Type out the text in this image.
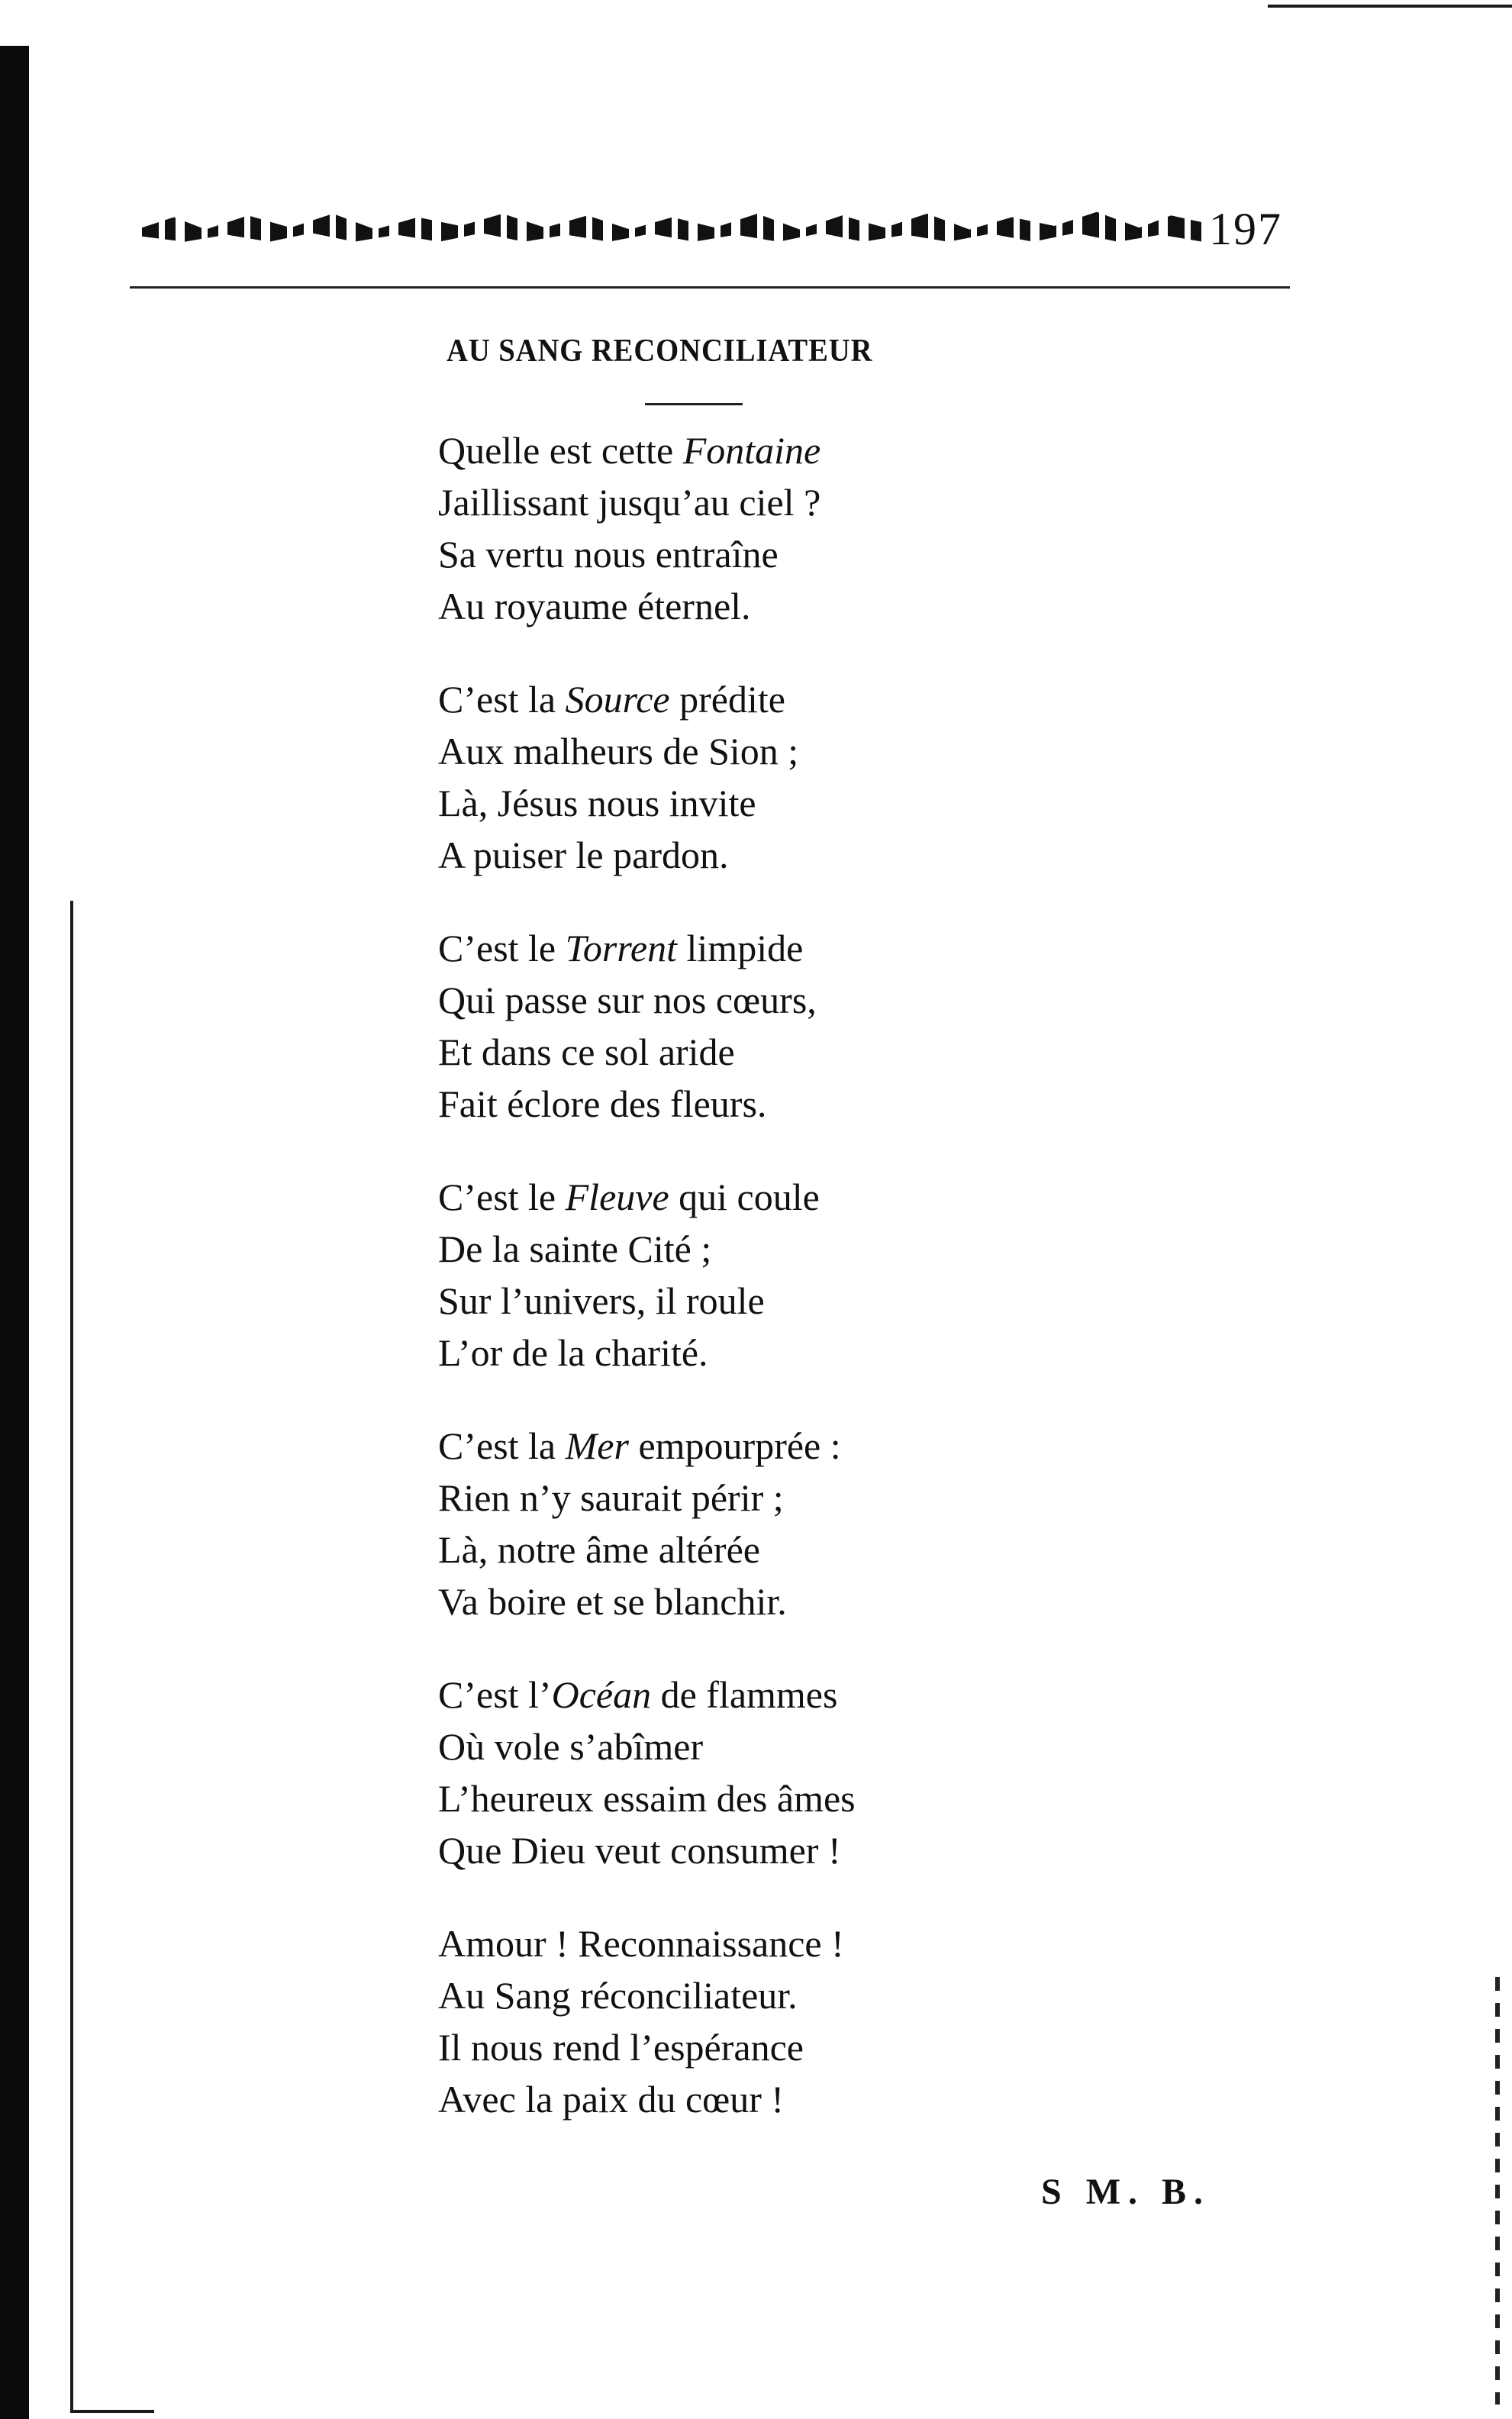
197
AU SANG RECONCILIATEUR
Quelle est cette Fontaine
Jaillissant jusqu’au ciel ?
Sa vertu nous entraîne
Au royaume éternel.
C’est la Source prédite
Aux malheurs de Sion ;
Là, Jésus nous invite
A puiser le pardon.
C’est le Torrent limpide
Qui passe sur nos cœurs,
Et dans ce sol aride
Fait éclore des fleurs.
C’est le Fleuve qui coule
De la sainte Cité ;
Sur l’univers, il roule
L’or de la charité.
C’est la Mer empourprée :
Rien n’y saurait périr ;
Là, notre âme altérée
Va boire et se blanchir.
C’est l’Océan de flammes
Où vole s’abîmer
L’heureux essaim des âmes
Que Dieu veut consumer !
Amour ! Reconnaissance !
Au Sang réconciliateur.
Il nous rend l’espérance
Avec la paix du cœur !
S M. B.
